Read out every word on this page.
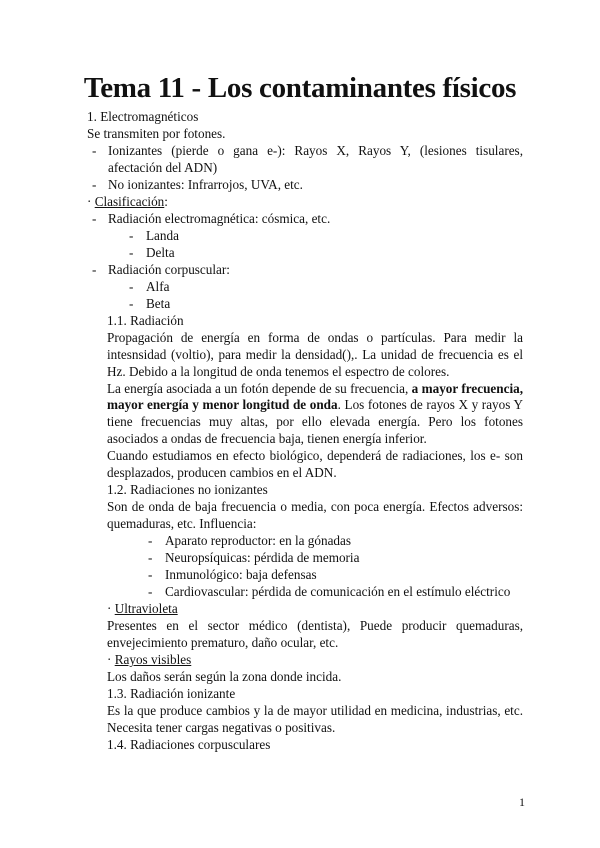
Tema 11 - Los contaminantes físicos
1. Electromagnéticos
Se transmiten por fotones.
- Ionizantes (pierde o gana e-): Rayos X, Rayos Y, (lesiones tisulares, afectación del ADN)
- No ionizantes: Infrarrojos, UVA, etc.
· Clasificación:
- Radiación electromagnética: cósmica, etc.
- Landa
- Delta
- Radiación corpuscular:
- Alfa
- Beta
1.1. Radiación
Propagación de energía en forma de ondas o partículas. Para medir la intesnsidad (voltio), para medir la densidad(),. La unidad de frecuencia es el Hz. Debido a la longitud de onda tenemos el espectro de colores.
La energía asociada a un fotón depende de su frecuencia, a mayor frecuencia, mayor energía y menor longitud de onda. Los fotones de rayos X y rayos Y tiene frecuencias muy altas, por ello elevada energía. Pero los fotones asociados a ondas de frecuencia baja, tienen energía inferior.
Cuando estudiamos en efecto biológico, dependerá de radiaciones, los e- son desplazados, producen cambios en el ADN.
1.2. Radiaciones no ionizantes
Son de onda de baja frecuencia o media, con poca energía. Efectos adversos: quemaduras, etc. Influencia:
- Aparato reproductor: en la gónadas
- Neuropsíquicas: pérdida de memoria
- Inmunológico: baja defensas
- Cardiovascular: pérdida de comunicación en el estímulo eléctrico
· Ultravioleta
Presentes en el sector médico (dentista), Puede producir quemaduras, envejecimiento prematuro, daño ocular, etc.
· Rayos visibles
Los daños serán según la zona donde incida.
1.3. Radiación ionizante
Es la que produce cambios y la de mayor utilidad en medicina, industrias, etc. Necesita tener cargas negativas o positivas.
1.4. Radiaciones corpusculares
1
